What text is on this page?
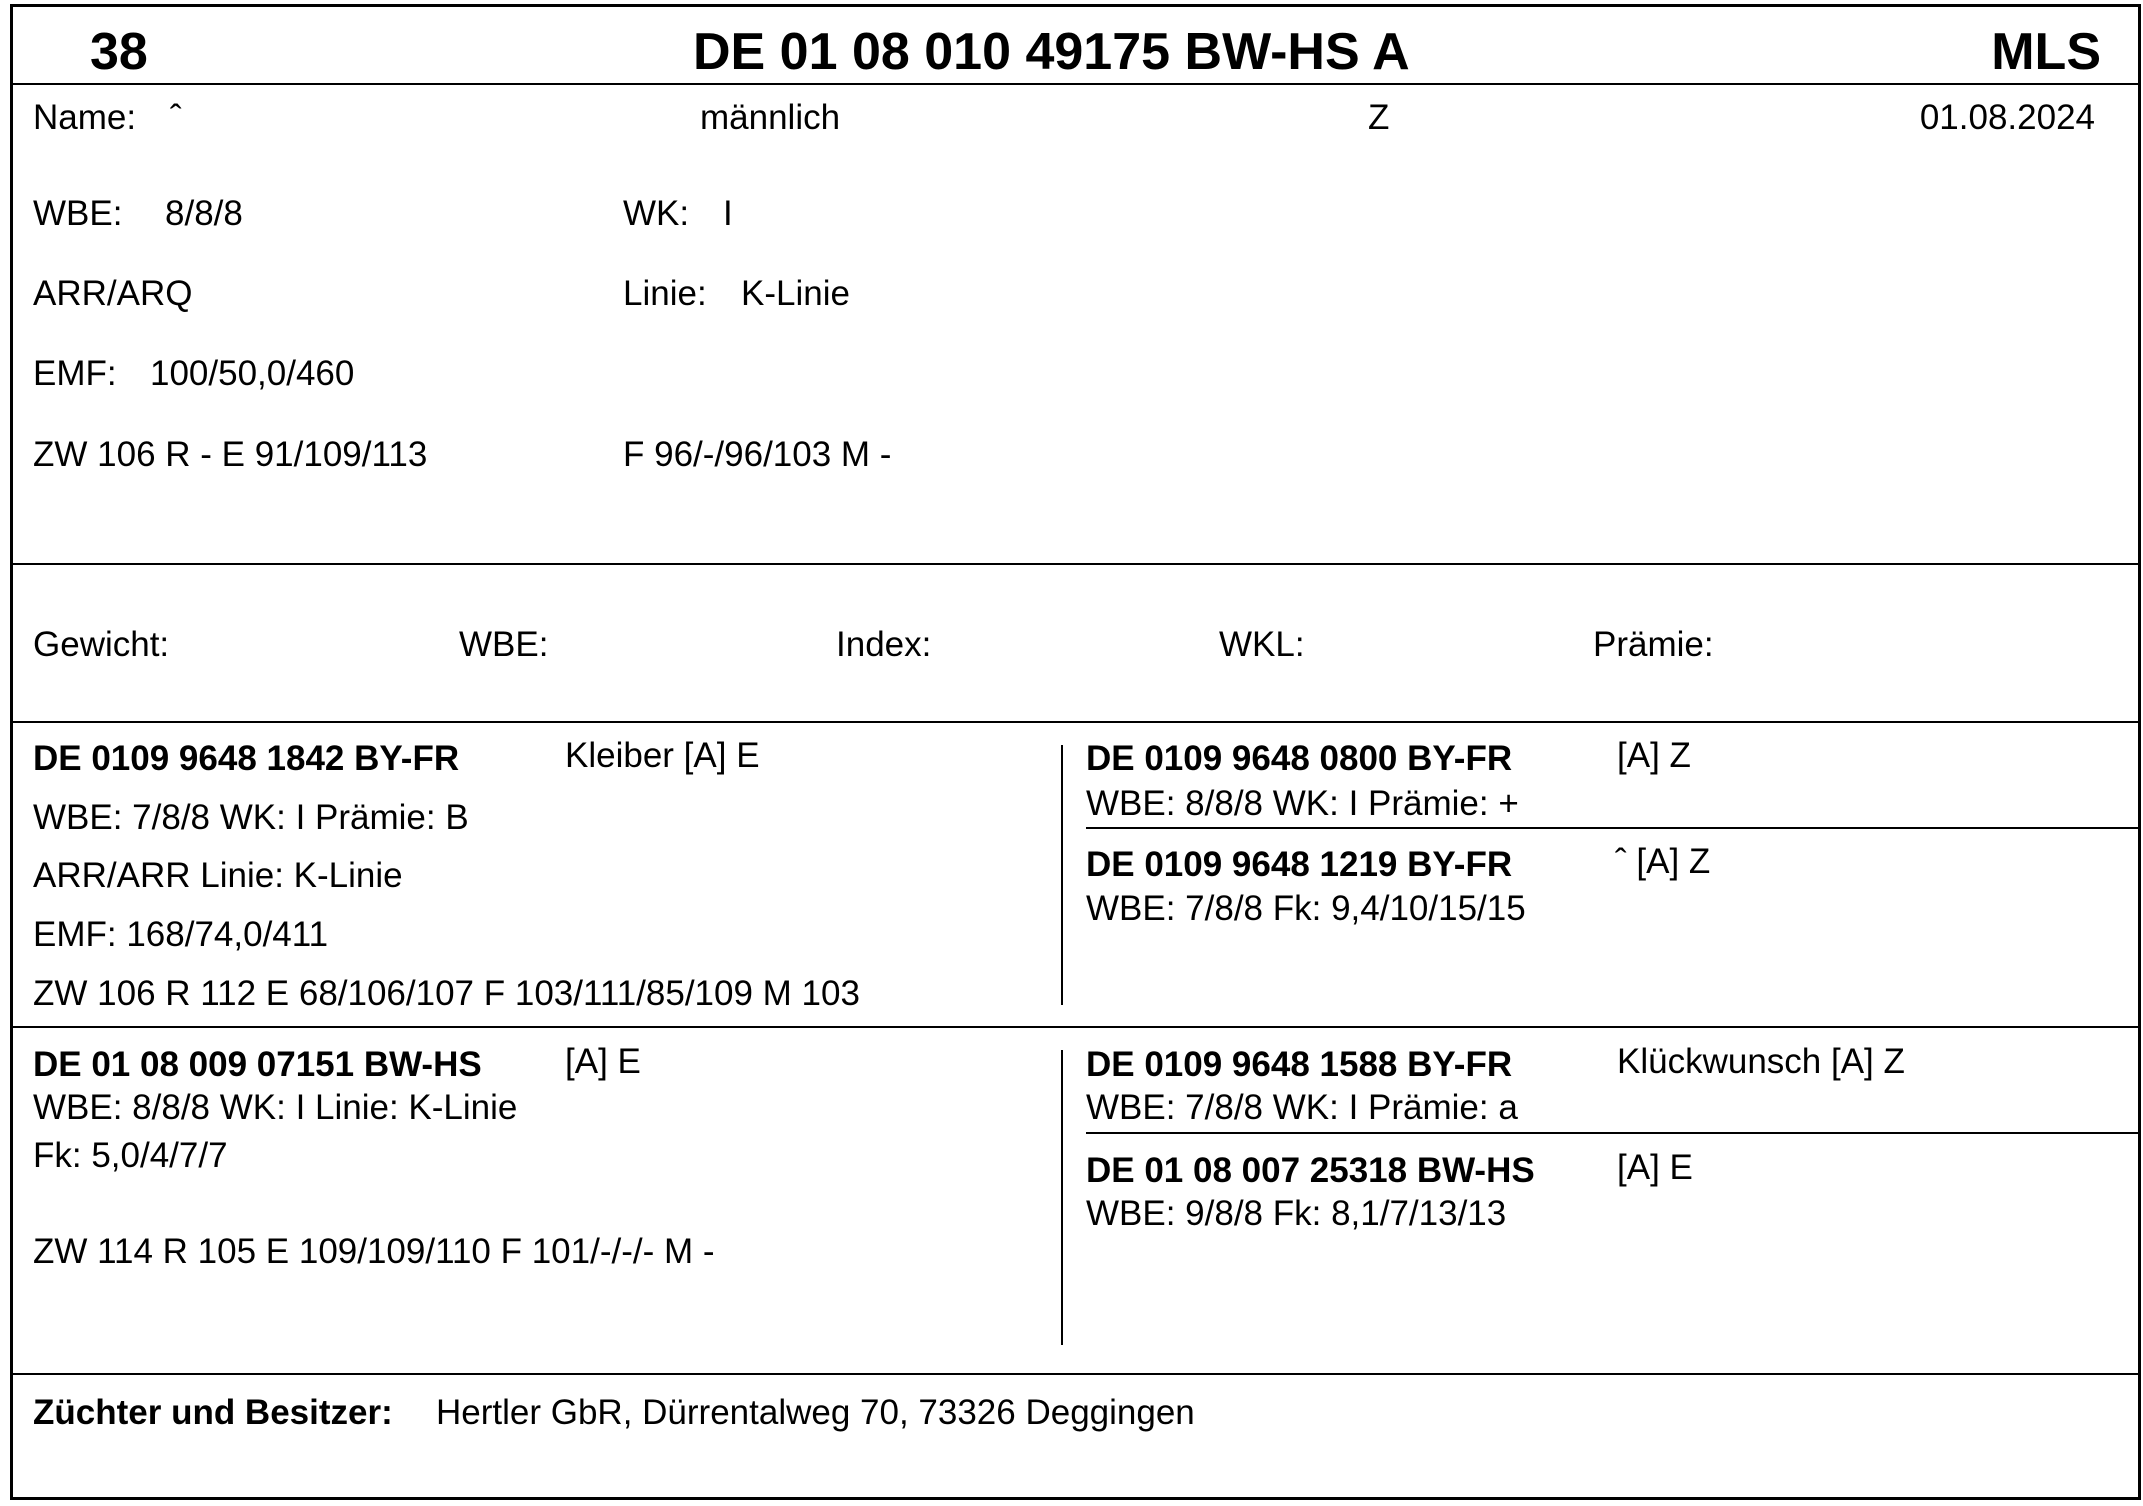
38	DE 01 08 010 49175 BW-HS A	MLS
Name: ˆ	männlich	Z	01.08.2024
WBE: 8/8/8	WK: I
ARR/ARQ	Linie: K-Linie
EMF: 100/50,0/460
ZW 106 R - E 91/109/113	F 96/-/96/103 M -
Gewicht:	WBE:	Index:	WKL:	Prämie:
DE 0109 9648 1842 BY-FR	Kleiber [A] E
WBE: 7/8/8 WK: I Prämie: B
ARR/ARR Linie: K-Linie
EMF: 168/74,0/411
ZW 106 R 112 E 68/106/107 F 103/111/85/109 M 103
DE 0109 9648 0800 BY-FR	[A] Z
WBE: 8/8/8 WK: I Prämie: +
DE 0109 9648 1219 BY-FR	ˆ [A] Z
WBE: 7/8/8 Fk: 9,4/10/15/15
DE 01 08 009 07151 BW-HS [A] E
WBE: 8/8/8 WK: I Linie: K-Linie
Fk: 5,0/4/7/7
ZW 114 R 105 E 109/109/110 F 101/-/-/- M -
DE 0109 9648 1588 BY-FR	Klückwunsch [A] Z
WBE: 7/8/8 WK: I Prämie: a
DE 01 08 007 25318 BW-HS [A] E
WBE: 9/8/8 Fk: 8,1/7/13/13
Züchter und Besitzer: Hertler GbR, Dürrentalweg 70, 73326 Deggingen
